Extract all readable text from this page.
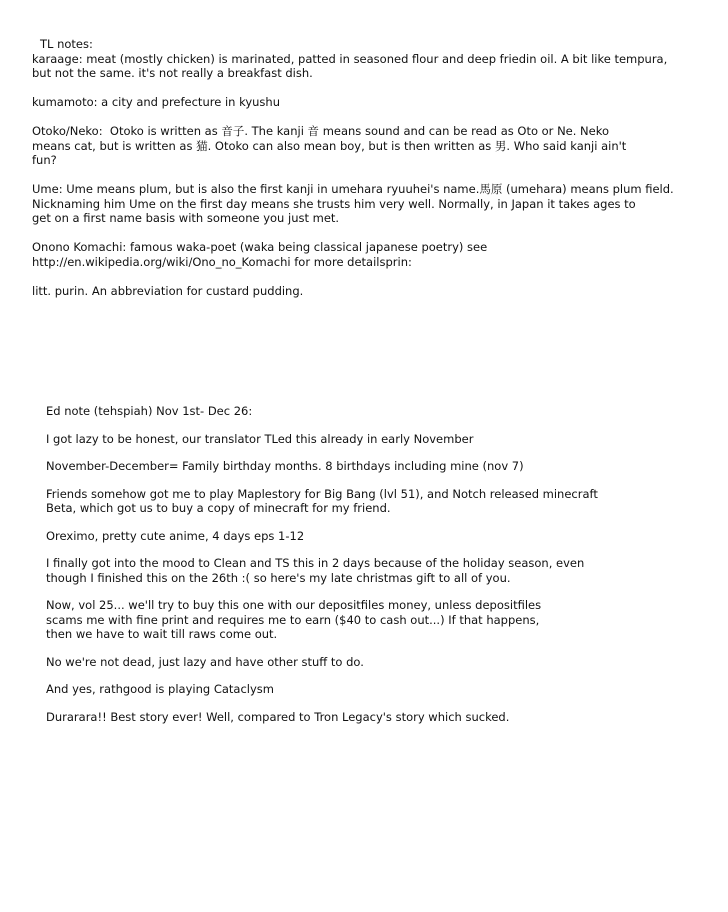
TL notes:

karaage: meat (mostly chicken) is marinated, patted in seasoned flour and deep friedin oil. A bit like tempura,

but not the same. it's not really a breakfast dish.

kumamoto: a city and prefecture in kyushu

Otoko/Neko:  Otoko is written as 音子. The kanji 音 means sound and can be read as Oto or Ne. Neko

means cat, but is written as 猫. Otoko can also mean boy, but is then written as 男. Who said kanji ain't

fun?

Ume: Ume means plum, but is also the first kanji in umehara ryuuhei's name.馬原 (umehara) means plum field.

Nicknaming him Ume on the first day means she trusts him very well. Normally, in Japan it takes ages to

get on a first name basis with someone you just met.

Onono Komachi: famous waka-poet (waka being classical japanese poetry) see

http://en.wikipedia.org/wiki/Ono_no_Komachi for more detailsprin:

litt. purin. An abbreviation for custard pudding.

Ed note (tehspiah) Nov 1st- Dec 26:

I got lazy to be honest, our translator TLed this already in early November

November-December= Family birthday months. 8 birthdays including mine (nov 7)

Friends somehow got me to play Maplestory for Big Bang (lvl 51), and Notch released minecraft

Beta, which got us to buy a copy of minecraft for my friend.

Oreximo, pretty cute anime, 4 days eps 1-12

I finally got into the mood to Clean and TS this in 2 days because of the holiday season, even

though I finished this on the 26th :( so here's my late christmas gift to all of you.

Now, vol 25... we'll try to buy this one with our depositfiles money, unless depositfiles

scams me with fine print and requires me to earn ($40 to cash out...) If that happens,

then we have to wait till raws come out.

No we're not dead, just lazy and have other stuff to do.

And yes, rathgood is playing Cataclysm

Durarara!! Best story ever! Well, compared to Tron Legacy's story which sucked.
